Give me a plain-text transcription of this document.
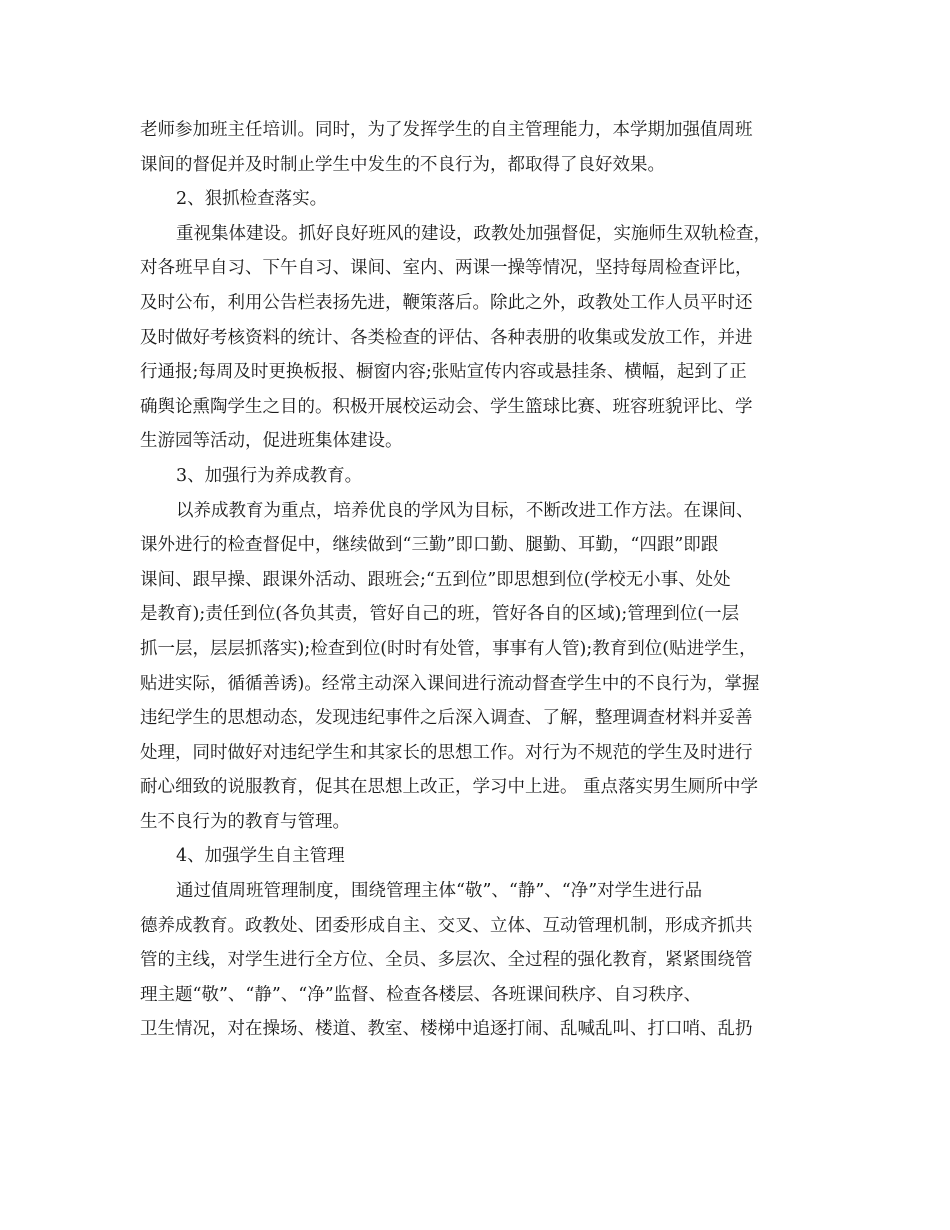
老师参加班主任培训。同时，为了发挥学生的自主管理能力，本学期加强值周班
课间的督促并及时制止学生中发生的不良行为，都取得了良好效果。
2、狠抓检查落实。
重视集体建设。抓好良好班风的建设，政教处加强督促，实施师生双轨检查，
对各班早自习、下午自习、课间、室内、两课一操等情况，坚持每周检查评比，
及时公布，利用公告栏表扬先进，鞭策落后。除此之外，政教处工作人员平时还
及时做好考核资料的统计、各类检查的评估、各种表册的收集或发放工作，并进
行通报;每周及时更换板报、橱窗内容;张贴宣传内容或悬挂条、横幅，起到了正
确舆论熏陶学生之目的。积极开展校运动会、学生篮球比赛、班容班貌评比、学
生游园等活动，促进班集体建设。
3、加强行为养成教育。
以养成教育为重点，培养优良的学风为目标，不断改进工作方法。在课间、
课外进行的检查督促中，继续做到“三勤”即口勤、腿勤、耳勤，“四跟”即跟
课间、跟早操、跟课外活动、跟班会;“五到位”即思想到位(学校无小事、处处
是教育);责任到位(各负其责，管好自己的班，管好各自的区域);管理到位(一层
抓一层，层层抓落实);检查到位(时时有处管，事事有人管);教育到位(贴进学生，
贴进实际，循循善诱)。经常主动深入课间进行流动督查学生中的不良行为，掌握
违纪学生的思想动态，发现违纪事件之后深入调查、了解，整理调查材料并妥善
处理，同时做好对违纪学生和其家长的思想工作。对行为不规范的学生及时进行
耐心细致的说服教育，促其在思想上改正，学习中上进。 重点落实男生厕所中学
生不良行为的教育与管理。
4、加强学生自主管理
通过值周班管理制度，围绕管理主体“敬”、“静”、“净”对学生进行品
德养成教育。政教处、团委形成自主、交叉、立体、互动管理机制，形成齐抓共
管的主线，对学生进行全方位、全员、多层次、全过程的强化教育，紧紧围绕管
理主题“敬”、“静”、“净”监督、检查各楼层、各班课间秩序、自习秩序、
卫生情况，对在操场、楼道、教室、楼梯中追逐打闹、乱喊乱叫、打口哨、乱扔
